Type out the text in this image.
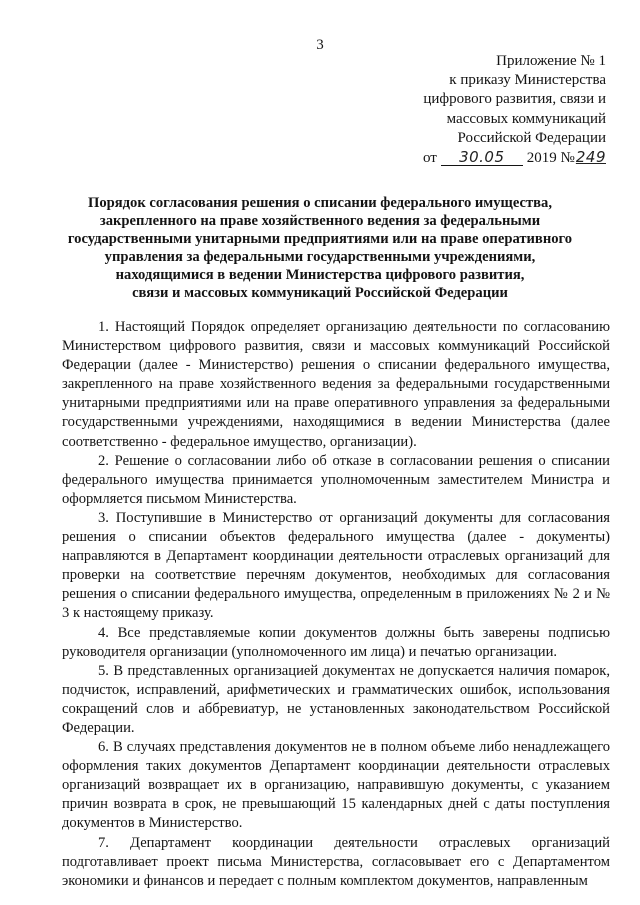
3
Приложение № 1
к приказу Министерства
цифрового развития, связи и
массовых коммуникаций
Российской Федерации
от 30.05 2019 №249
Порядок согласования решения о списании федерального имущества,
закрепленного на праве хозяйственного ведения за федеральными
государственными унитарными предприятиями или на праве оперативного
управления за федеральными государственными учреждениями,
находящимися в ведении Министерства цифрового развития,
связи и массовых коммуникаций Российской Федерации

1. Настоящий Порядок определяет организацию деятельности по согласованию Министерством цифрового развития, связи и массовых коммуникаций Российской Федерации (далее - Министерство) решения о списании федерального имущества, закрепленного на праве хозяйственного ведения за федеральными государственными унитарными предприятиями или на праве оперативного управления за федеральными государственными учреждениями, находящимися в ведении Министерства (далее соответственно - федеральное имущество, организации).

2. Решение о согласовании либо об отказе в согласовании решения о списании федерального имущества принимается уполномоченным заместителем Министра и оформляется письмом Министерства.

3. Поступившие в Министерство от организаций документы для согласования решения о списании объектов федерального имущества (далее - документы) направляются в Департамент координации деятельности отраслевых организаций для проверки на соответствие перечням документов, необходимых для согласования решения о списании федерального имущества, определенным в приложениях № 2 и № 3 к настоящему приказу.

4. Все представляемые копии документов должны быть заверены подписью руководителя организации (уполномоченного им лица) и печатью организации.

5. В представленных организацией документах не допускается наличия помарок, подчисток, исправлений, арифметических и грамматических ошибок, использования сокращений слов и аббревиатур, не установленных законодательством Российской Федерации.

6. В случаях представления документов не в полном объеме либо ненадлежащего оформления таких документов Департамент координации деятельности отраслевых организаций возвращает их в организацию, направившую документы, с указанием причин возврата в срок, не превышающий 15 календарных дней с даты поступления документов в Министерство.

7. Департамент координации деятельности отраслевых организаций подготавливает проект письма Министерства, согласовывает его с Департаментом экономики и финансов и передает с полным комплектом документов, направленным
